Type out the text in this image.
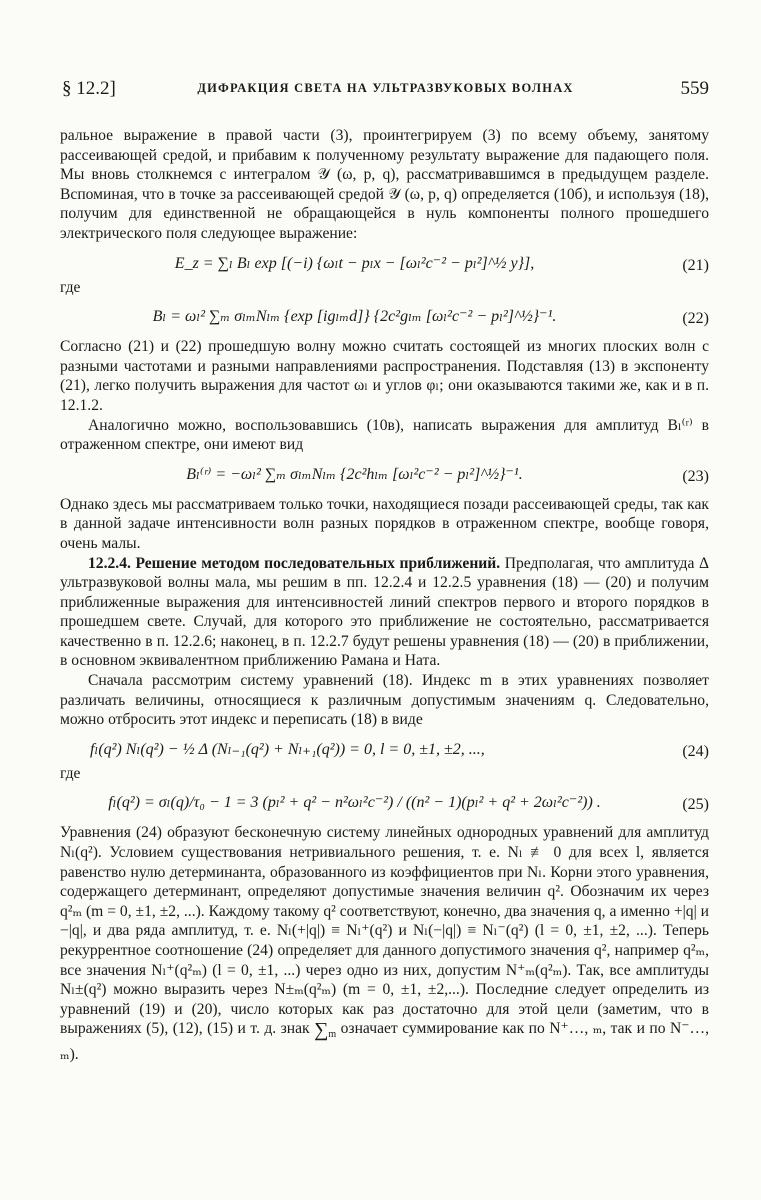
§ 12.2]	ДИФРАКЦИЯ СВЕТА НА УЛЬТРАЗВУКОВЫХ ВОЛНАХ	559

ральное выражение в правой части (3), проинтегрируем (3) по всему объему, занятому рассеивающей средой, и прибавим к полученному результату выражение для падающего поля. Мы вновь столкнемся с интегралом 𝒴 (ω, p, q), рассматривавшимся в предыдущем разделе. Вспоминая, что в точке за рассеивающей средой 𝒴 (ω, p, q) определяется (10б), и используя (18), получим для единственной не обращающейся в нуль компоненты полного прошедшего электрического поля следующее выражение:

E_z = ∑ₗ Bₗ exp [(−i) {ωₗt − pₗx − [ωₗ²c⁻² − pₗ²]^½ y}],	(21)

где

Bₗ = ωₗ² ∑ₘ σₗₘNₗₘ {exp [igₗₘd]} {2c²gₗₘ [ωₗ²c⁻² − pₗ²]^½}⁻¹.	(22)

Согласно (21) и (22) прошедшую волну можно считать состоящей из многих плоских волн с разными частотами и разными направлениями распространения. Подставляя (13) в экспоненту (21), легко получить выражения для частот ωₗ и углов φₗ; они оказываются такими же, как и в п. 12.1.2.

Аналогично можно, воспользовавшись (10в), написать выражения для амплитуд Bₗ⁽ʳ⁾ в отраженном спектре, они имеют вид

Bₗ⁽ʳ⁾ = −ωₗ² ∑ₘ σₗₘNₗₘ {2c²hₗₘ [ωₗ²c⁻² − pₗ²]^½}⁻¹.	(23)

Однако здесь мы рассматриваем только точки, находящиеся позади рассеивающей среды, так как в данной задаче интенсивности волн разных порядков в отраженном спектре, вообще говоря, очень малы.

12.2.4. Решение методом последовательных приближений. Предполагая, что амплитуда Δ ультразвуковой волны мала, мы решим в пп. 12.2.4 и 12.2.5 уравнения (18) — (20) и получим приближенные выражения для интенсивностей линий спектров первого и второго порядков в прошедшем свете. Случай, для которого это приближение не состоятельно, рассматривается качественно в п. 12.2.6; наконец, в п. 12.2.7 будут решены уравнения (18) — (20) в приближении, в основном эквивалентном приближению Рамана и Ната.

Сначала рассмотрим систему уравнений (18). Индекс m в этих уравнениях позволяет различать величины, относящиеся к различным допустимым значениям q. Следовательно, можно отбросить этот индекс и переписать (18) в виде

fₗ(q²) Nₗ(q²) − ½ Δ (Nₗ₋₁(q²) + Nₗ₊₁(q²)) = 0, l = 0, ±1, ±2, ...,	(24)

где

fₗ(q²) = σₗ(q)/τ₀ − 1 = 3 (pₗ² + q² − n²ωₗ²c⁻²) / ((n² − 1)(pₗ² + q² + 2ωₗ²c⁻²)) .	(25)

Уравнения (24) образуют бесконечную систему линейных однородных уравнений для амплитуд Nₗ(q²). Условием существования нетривиального решения, т. е. Nₗ ≢ 0 для всех l, является равенство нулю детерминанта, образованного из коэффициентов при Nₗ. Корни этого уравнения, содержащего детерминант, определяют допустимые значения величин q². Обозначим их через q²ₘ (m = 0, ±1, ±2, ...). Каждому такому q² соответствуют, конечно, два значения q, а именно +|q| и −|q|, и два ряда амплитуд, т. е. Nₗ(+|q|) ≡ Nₗ⁺(q²) и Nₗ(−|q|) ≡ Nₗ⁻(q²) (l = 0, ±1, ±2, ...). Теперь рекуррентное соотношение (24) определяет для данного допустимого значения q², например q²ₘ, все значения Nₗ⁺(q²ₘ) (l = 0, ±1, ...) через одно из них, допустим N⁺ₘ(q²ₘ). Так, все амплитуды Nₗ±(q²) можно выразить через N±ₘ(q²ₘ) (m = 0, ±1, ±2,...). Последние следует определить из уравнений (19) и (20), число которых как раз достаточно для этой цели (заметим, что в выражениях (5), (12), (15) и т. д. знак $\sum_m$ означает суммирование как по N⁺…, ₘ, так и по N⁻…, ₘ).
